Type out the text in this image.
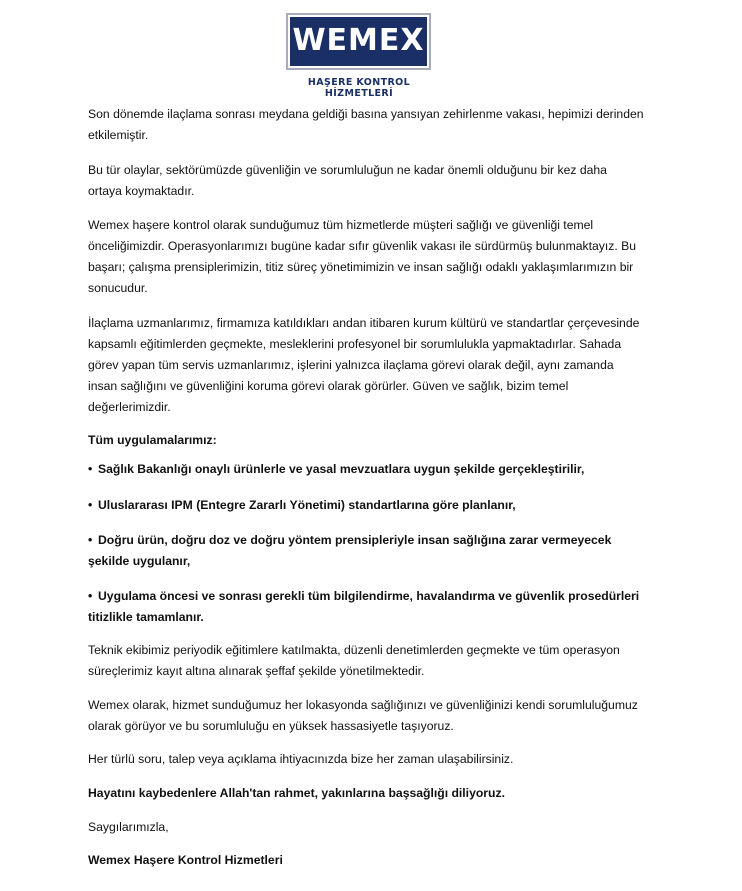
WEMEX
HAŞERE KONTROL HİZMETLERİ

Son dönemde ilaçlama sonrası meydana geldiği basına yansıyan zehirlenme vakası, hepimizi derinden etkilemiştir.

Bu tür olaylar, sektörümüzde güvenliğin ve sorumluluğun ne kadar önemli olduğunu bir kez daha ortaya koymaktadır.

Wemex haşere kontrol olarak sunduğumuz tüm hizmetlerde müşteri sağlığı ve güvenliği temel önceliğimizdir. Operasyonlarımızı bugüne kadar sıfır güvenlik vakası ile sürdürmüş bulunmaktayız. Bu başarı; çalışma prensiplerimizin, titiz süreç yönetimimizin ve insan sağlığı odaklı yaklaşımlarımızın bir sonucudur.

İlaçlama uzmanlarımız, firmamıza katıldıkları andan itibaren kurum kültürü ve standartlar çerçevesinde kapsamlı eğitimlerden geçmekte, mesleklerini profesyonel bir sorumlulukla yapmaktadırlar. Sahada görev yapan tüm servis uzmanlarımız, işlerini yalnızca ilaçlama görevi olarak değil, aynı zamanda insan sağlığını ve güvenliğini koruma görevi olarak görürler. Güven ve sağlık, bizim temel değerlerimizdir.

Tüm uygulamalarımız:

• Sağlık Bakanlığı onaylı ürünlerle ve yasal mevzuatlara uygun şekilde gerçekleştirilir,

• Uluslararası IPM (Entegre Zararlı Yönetimi) standartlarına göre planlanır,

• Doğru ürün, doğru doz ve doğru yöntem prensipleriyle insan sağlığına zarar vermeyecek şekilde uygulanır,

• Uygulama öncesi ve sonrası gerekli tüm bilgilendirme, havalandırma ve güvenlik prosedürleri titizlikle tamamlanır.

Teknik ekibimiz periyodik eğitimlere katılmakta, düzenli denetimlerden geçmekte ve tüm operasyon süreçlerimiz kayıt altına alınarak şeffaf şekilde yönetilmektedir.

Wemex olarak, hizmet sunduğumuz her lokasyonda sağlığınızı ve güvenliğinizi kendi sorumluluğumuz olarak görüyor ve bu sorumluluğu en yüksek hassasiyetle taşıyoruz.

Her türlü soru, talep veya açıklama ihtiyacınızda bize her zaman ulaşabilirsiniz.

Hayatını kaybedenlere Allah'tan rahmet, yakınlarına başsağlığı diliyoruz.

Saygılarımızla,

Wemex Haşere Kontrol Hizmetleri
